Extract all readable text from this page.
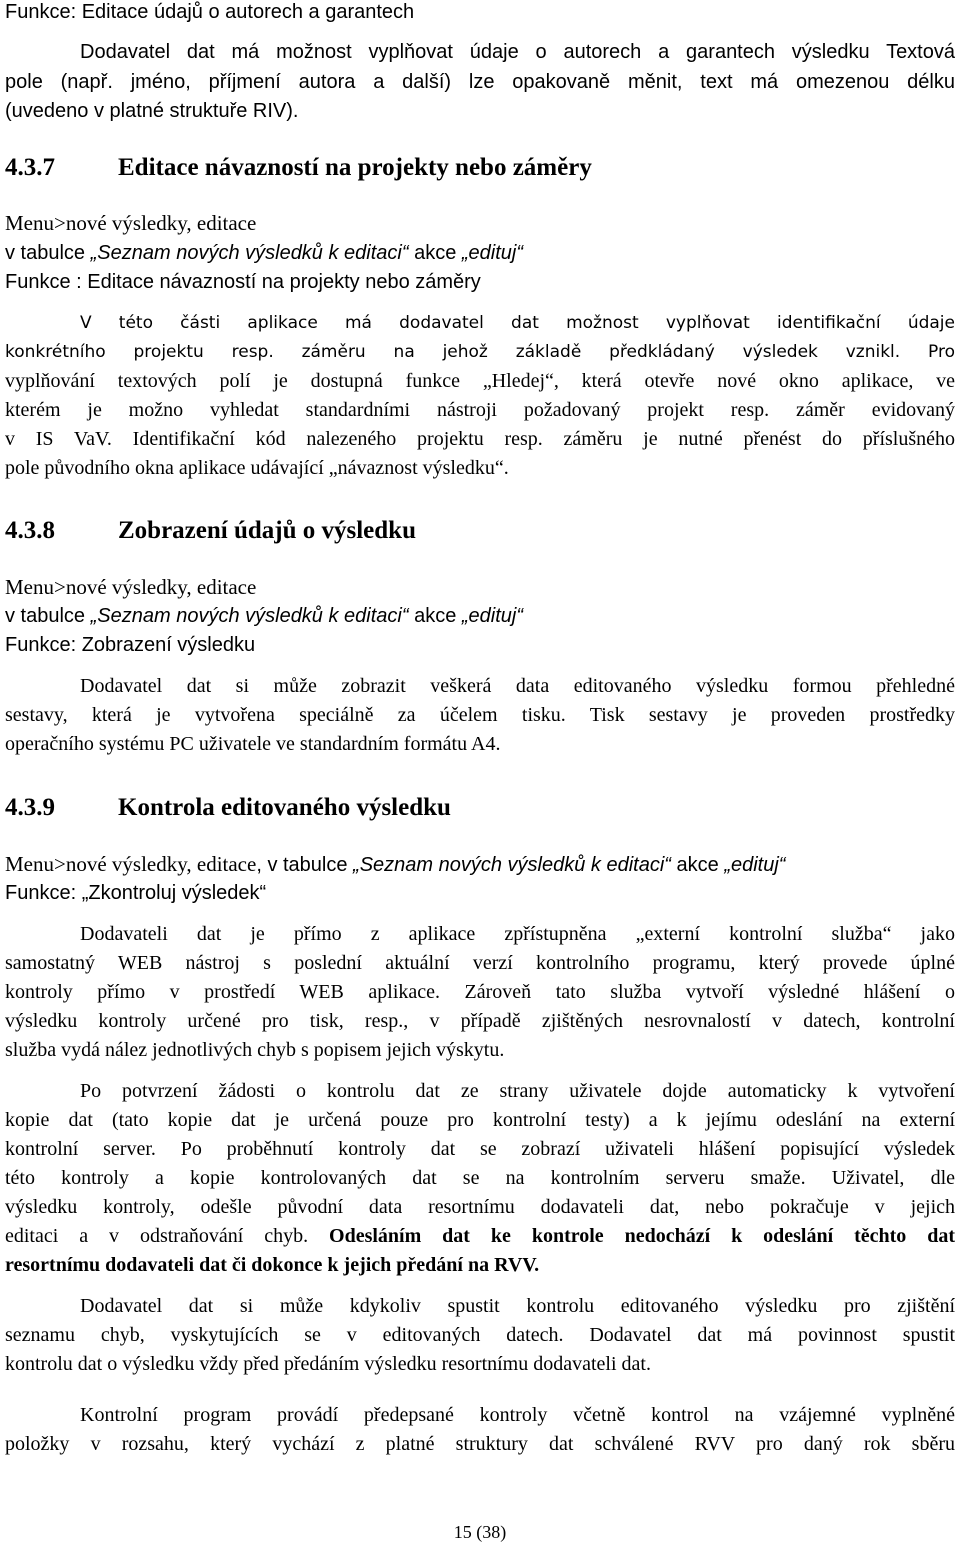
Funkce: Editace údajů o autorech a garantech
Dodavatel dat má možnost vyplňovat údaje o autorech a garantech výsledku Textová
pole (např. jméno, příjmení autora a další) lze opakovaně měnit, text má omezenou délku
(uvedeno v platné struktuře RIV).
4.3.7	Editace návazností na projekty nebo záměry
Menu>nové výsledky, editace
v tabulce „Seznam nových výsledků k editaci“ akce „edituj“
Funkce : Editace návazností na projekty nebo záměry
V této části aplikace má dodavatel dat možnost vyplňovat identifikační údaje
konkrétního projektu resp. záměru na jehož základě předkládaný výsledek vznikl. Pro
vyplňování textových polí je dostupná funkce „Hledej“, která otevře nové okno aplikace, ve
kterém je možno vyhledat standardními nástroji požadovaný projekt resp. záměr evidovaný
v IS VaV. Identifikační kód nalezeného projektu resp. záměru je nutné přenést do příslušného
pole původního okna aplikace udávající „návaznost výsledku“.
4.3.8	Zobrazení údajů o výsledku
Menu>nové výsledky, editace
v tabulce „Seznam nových výsledků k editaci“ akce „edituj“
Funkce: Zobrazení výsledku
Dodavatel dat si může zobrazit veškerá data editovaného výsledku formou přehledné
sestavy, která je vytvořena speciálně za účelem tisku. Tisk sestavy je proveden prostředky
operačního systému PC uživatele ve standardním formátu A4.
4.3.9	Kontrola editovaného výsledku
Menu>nové výsledky, editace, v tabulce „Seznam nových výsledků k editaci“ akce „edituj“
Funkce: „Zkontroluj výsledek“
Dodavateli dat je přímo z aplikace zpřístupněna „externí kontrolní služba“ jako
samostatný WEB nástroj s poslední aktuální verzí kontrolního programu, který provede úplné
kontroly přímo v prostředí WEB aplikace. Zároveň tato služba vytvoří výsledné hlášení o
výsledku kontroly určené pro tisk, resp., v případě zjištěných nesrovnalostí v datech, kontrolní
služba vydá nález jednotlivých chyb s popisem jejich výskytu.
Po potvrzení žádosti o kontrolu dat ze strany uživatele dojde automaticky k vytvoření
kopie dat (tato kopie dat je určená pouze pro kontrolní testy) a k jejímu odeslání na externí
kontrolní server. Po proběhnutí kontroly dat se zobrazí uživateli hlášení popisující výsledek
této kontroly a kopie kontrolovaných dat se na kontrolním serveru smaže. Uživatel, dle
výsledku kontroly, odešle původní data resortnímu dodavateli dat, nebo pokračuje v jejich
editaci a v odstraňování chyb. Odesláním dat ke kontrole nedochází k odeslání těchto dat
resortnímu dodavateli dat či dokonce k jejich předání na RVV.
Dodavatel dat si může kdykoliv spustit kontrolu editovaného výsledku pro zjištění
seznamu chyb, vyskytujících se v editovaných datech. Dodavatel dat má povinnost spustit
kontrolu dat o výsledku vždy před předáním výsledku resortnímu dodavateli dat.
Kontrolní program provádí předepsané kontroly včetně kontrol na vzájemné vyplněné
položky v rozsahu, který vychází z platné struktury dat schválené RVV pro daný rok sběru
15 (38)
